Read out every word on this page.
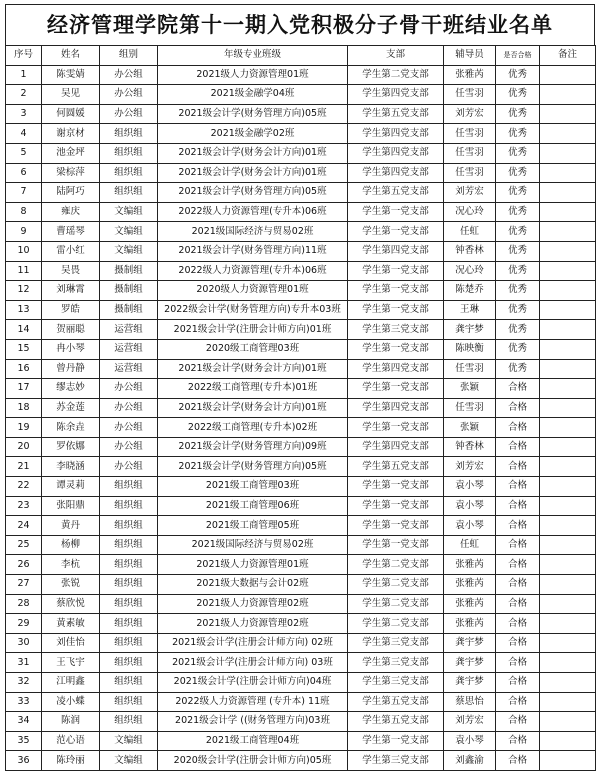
经济管理学院第十一期入党积极分子骨干班结业名单
序号	姓名	组别	年级专业班级	支部	辅导员	是否合格	备注
1	陈雯婧	办公组	2021级人力资源管理01班	学生第二党支部	张雅芮	优秀	
2	吴见	办公组	2021级金融学04班	学生第四党支部	任雪羽	优秀	
3	何圆媛	办公组	2021级会计学(财务管理方向)05班	学生第五党支部	刘芳宏	优秀	
4	谢京材	组织组	2021级金融学02班	学生第四党支部	任雪羽	优秀	
5	池金坪	组织组	2021级会计学(财务会计方向)01班	学生第四党支部	任雪羽	优秀	
6	梁棕萍	组织组	2021级会计学(财务会计方向)01班	学生第四党支部	任雪羽	优秀	
7	陆阿巧	组织组	2021级会计学(财务管理方向)05班	学生第五党支部	刘芳宏	优秀	
8	雍庆	文编组	2022级人力资源管理(专升本)06班	学生第一党支部	况心玲	优秀	
9	曹瑶琴	文编组	2021级国际经济与贸易02班	学生第一党支部	任虹	优秀	
10	雷小红	文编组	2021级会计学(财务管理方向)11班	学生第四党支部	钟香林	优秀	
11	吴畏	摄制组	2022级人力资源管理(专升本)06班	学生第一党支部	况心玲	优秀	
12	刘琳霄	摄制组	2020级人力资源管理01班	学生第一党支部	陈楚乔	优秀	
13	罗皓	摄制组	2022级会计学(财务管理方向)专升本03班	学生第一党支部	王琳	优秀	
14	贺丽聪	运营组	2021级会计学(注册会计师方向)01班	学生第三党支部	龚宇梦	优秀	
15	冉小琴	运营组	2020级工商管理03班	学生第一党支部	陈映衡	优秀	
16	曾丹静	运营组	2021级会计学(财务会计方向)01班	学生第四党支部	任雪羽	优秀	
17	缪志妙	办公组	2022级工商管理(专升本)01班	学生第一党支部	张颖	合格	
18	苏金莲	办公组	2021级会计学(财务会计方向)01班	学生第四党支部	任雪羽	合格	
19	陈余垚	办公组	2022级工商管理(专升本)02班	学生第一党支部	张颖	合格	
20	罗依娜	办公组	2021级会计学(财务管理方向)09班	学生第四党支部	钟香林	合格	
21	李晓涵	办公组	2021级会计学(财务管理方向)05班	学生第五党支部	刘芳宏	合格	
22	谭灵莉	组织组	2021级工商管理03班	学生第一党支部	袁小琴	合格	
23	张阳鼎	组织组	2021级工商管理06班	学生第一党支部	袁小琴	合格	
24	黄丹	组织组	2021级工商管理05班	学生第一党支部	袁小琴	合格	
25	杨柳	组织组	2021级国际经济与贸易02班	学生第一党支部	任虹	合格	
26	李杭	组织组	2021级人力资源管理01班	学生第二党支部	张雅芮	合格	
27	张锐	组织组	2021级大数据与会计02班	学生第二党支部	张雅芮	合格	
28	蔡欣悦	组织组	2021级人力资源管理02班	学生第二党支部	张雅芮	合格	
29	黄素敏	组织组	2021级人力资源管理02班	学生第二党支部	张雅芮	合格	
30	刘佳怡	组织组	2021级会计学(注册会计师方向) 02班	学生第三党支部	龚宇梦	合格	
31	王飞宇	组织组	2021级会计学(注册会计师方向) 03班	学生第三党支部	龚宇梦	合格	
32	江明鑫	组织组	2021级会计学(注册会计师方向)04班	学生第三党支部	龚宇梦	合格	
33	凌小蝶	组织组	2022级人力资源管理 (专升本) 11班	学生第五党支部	蔡思怡	合格	
34	陈润	组织组	2021级会计学 ((财务管理方向)03班	学生第五党支部	刘芳宏	合格	
35	范心语	文编组	2021级工商管理04班	学生第一党支部	袁小琴	合格	
36	陈玲丽	文编组	2020级会计学(注册会计师方向)05班	学生第三党支部	刘鑫渝	合格	
